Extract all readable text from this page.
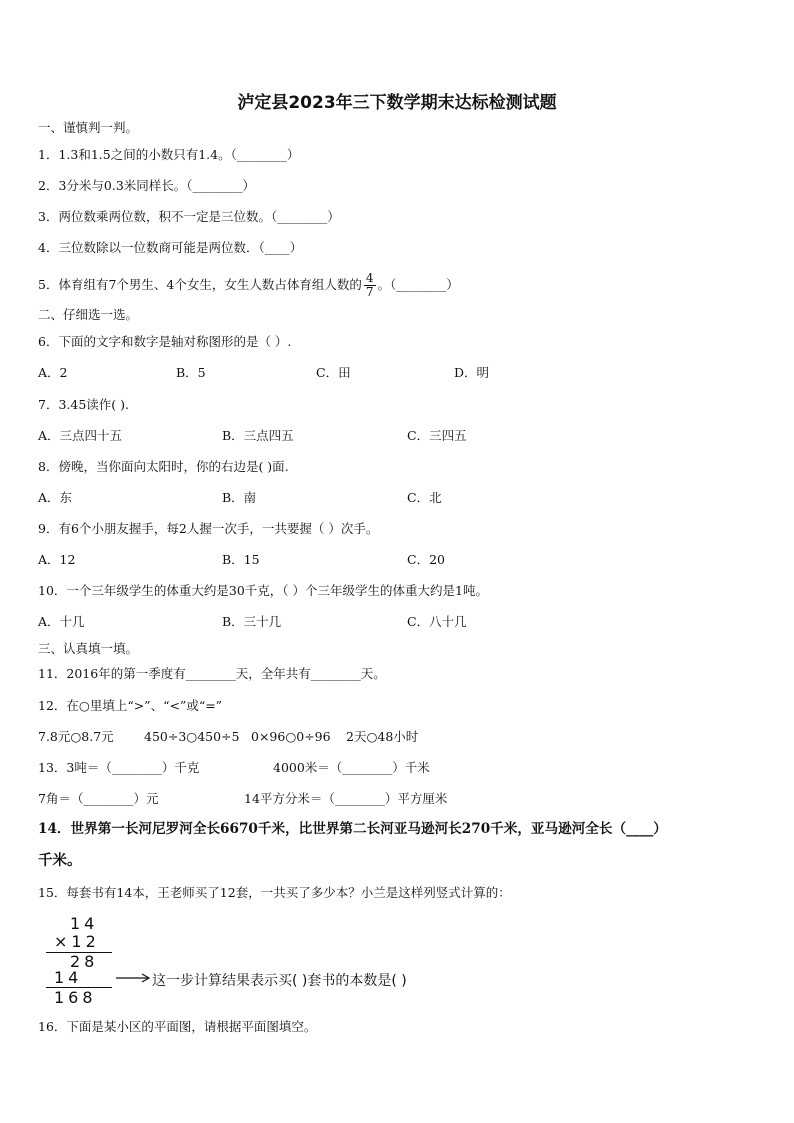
泸定县2023年三下数学期末达标检测试题
一、谨慎判一判。
1．1.3和1.5之间的小数只有1.4。（________）
2．3分米与0.3米同样长。（________）
3．两位数乘两位数，积不一定是三位数。（________）
4．三位数除以一位数商可能是两位数．（____）
5．体育组有7个男生、4个女生，女生人数占体育组人数的 $\frac{4}{7}$ 。（________）
二、仔细选一选。
6．下面的文字和数字是轴对称图形的是（ ）.
A．2	B．5	C．田	D．明
7．3.45读作( ).
A．三点四十五	B．三点四五	C．三四五
8．傍晚，当你面向太阳时，你的右边是( )面.
A．东	B．南	C．北
9．有6个小朋友握手，每2人握一次手，一共要握（ ）次手。
A．12	B．15	C．20
10．一个三年级学生的体重大约是30千克，（ ）个三年级学生的体重大约是1吨。
A．十几	B．三十几	C．八十几
三、认真填一填。
11．2016年的第一季度有________天，全年共有________天。
12．在○里填上“>”、“<”或“=”
7.8元○8.7元 450÷3○450÷5 0×96○0÷96 2天○48小时
13．3吨＝（________）千克	4000米＝（________）千米
7角＝（________）元	14平方分米＝（________）平方厘米
14．世界第一长河尼罗河全长6670千米，比世界第二长河亚马逊河长270千米，亚马逊河全长（____）
千米。
15．每套书有14本，王老师买了12套，一共买了多少本？小兰是这样列竖式计算的：
14
×12
28
14
168
这一步计算结果表示买( )套书的本数是( )
16．下面是某小区的平面图，请根据平面图填空。
